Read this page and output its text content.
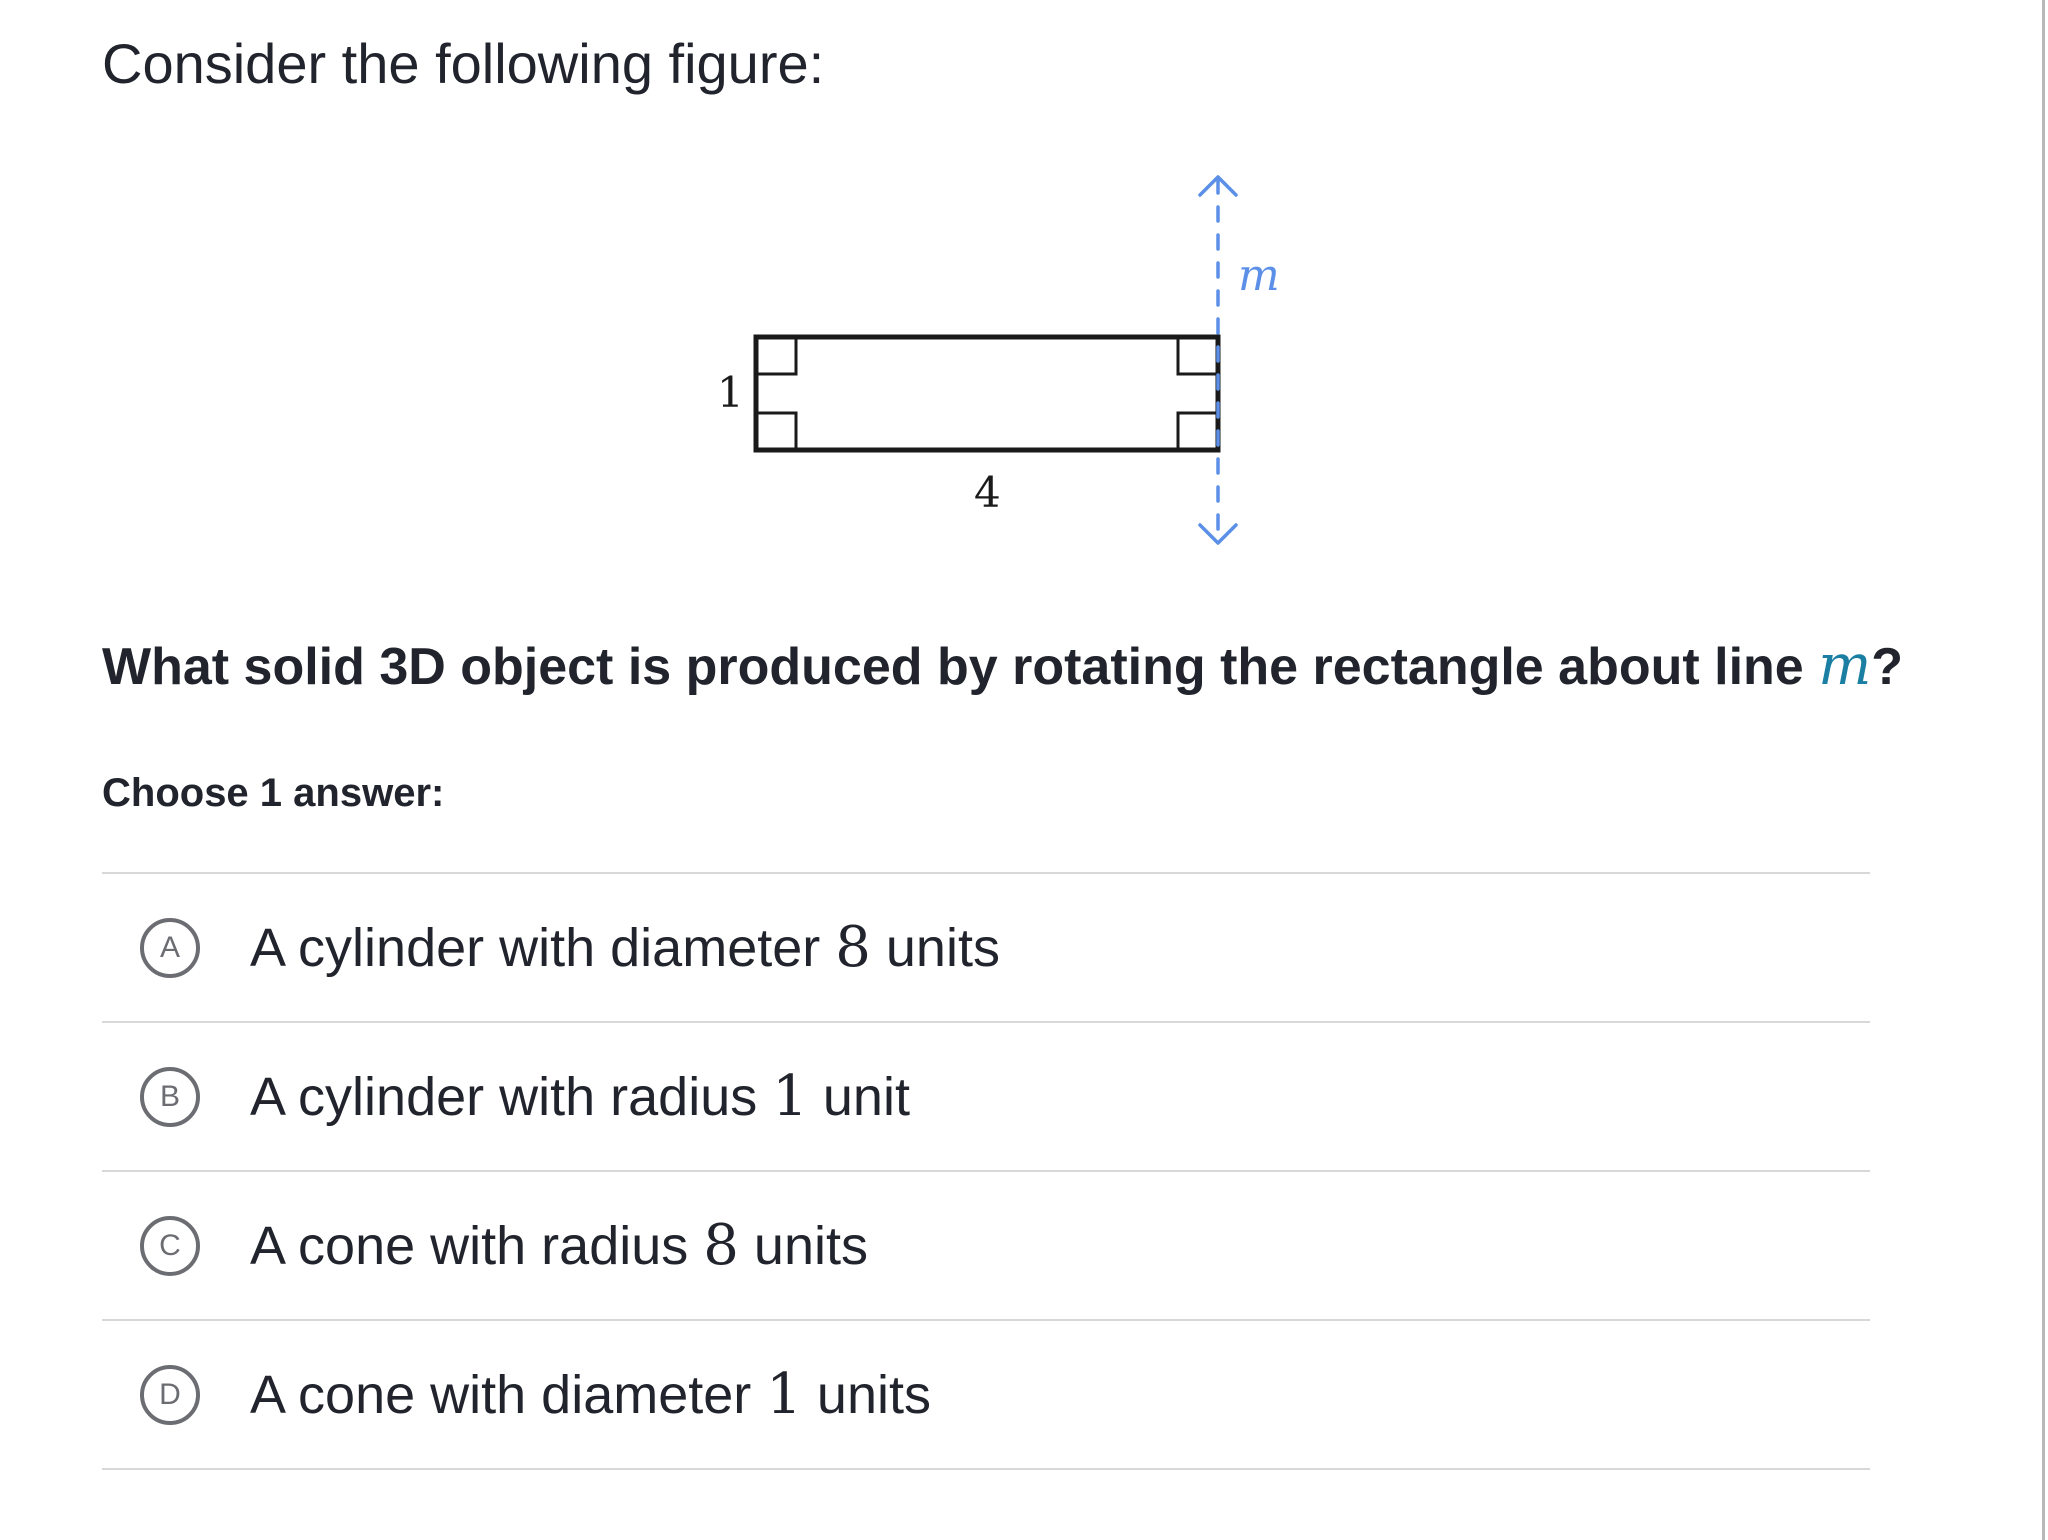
Consider the following figure:
1
4
m
What solid 3D object is produced by rotating the rectangle about line m?
Choose 1 answer:
A	A cylinder with diameter 8 units
B	A cylinder with radius 1 unit
C	A cone with radius 8 units
D	A cone with diameter 1 units
